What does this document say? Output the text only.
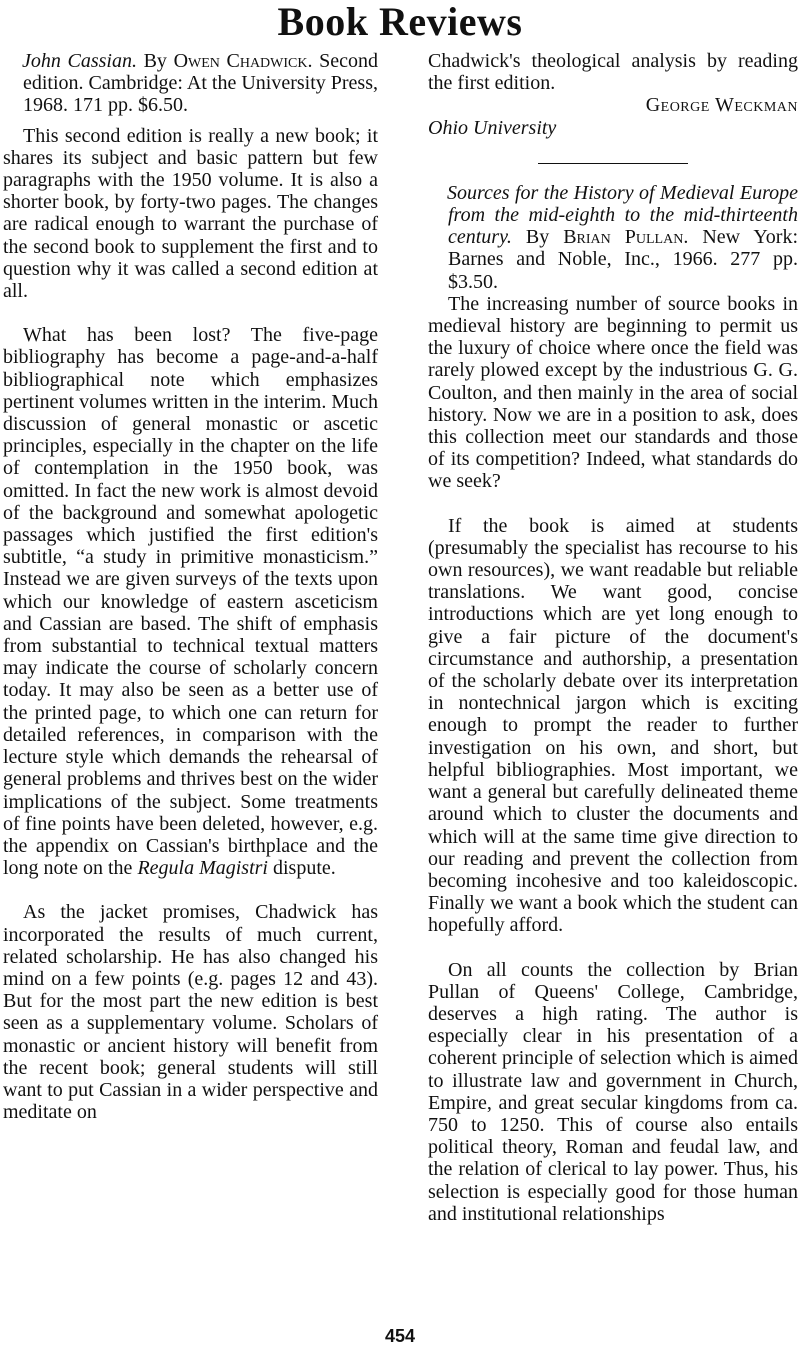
Book Reviews
John Cassian. By Owen Chadwick. Second edition. Cambridge: At the University Press, 1968. 171 pp. $6.50.

This second edition is really a new book; it shares its subject and basic pattern but few paragraphs with the 1950 volume. It is also a shorter book, by forty-two pages. The changes are radical enough to warrant the purchase of the second book to supplement the first and to question why it was called a second edition at all.

What has been lost? The five-page bibliography has become a page-and-a-half bibliographical note which emphasizes pertinent volumes written in the interim. Much discussion of general monastic or ascetic principles, especially in the chapter on the life of contemplation in the 1950 book, was omitted. In fact the new work is almost devoid of the background and somewhat apologetic passages which justified the first edition's subtitle, “a study in primitive monasticism.” Instead we are given surveys of the texts upon which our knowledge of eastern asceticism and Cassian are based. The shift of emphasis from substantial to technical textual matters may indicate the course of scholarly concern today. It may also be seen as a better use of the printed page, to which one can return for detailed references, in comparison with the lecture style which demands the rehearsal of general problems and thrives best on the wider implications of the subject. Some treatments of fine points have been deleted, however, e.g. the appendix on Cassian's birthplace and the long note on the Regula Magistri dispute.

As the jacket promises, Chadwick has incorporated the results of much current, related scholarship. He has also changed his mind on a few points (e.g. pages 12 and 43). But for the most part the new edition is best seen as a supplementary volume. Scholars of monastic or ancient history will benefit from the recent book; general students will still want to put Cassian in a wider perspective and meditate on

Chadwick's theological analysis by reading the first edition.

George Weckman
Ohio University
Sources for the History of Medieval Europe from the mid-eighth to the mid-thirteenth century. By Brian Pullan. New York: Barnes and Noble, Inc., 1966. 277 pp. $3.50.

The increasing number of source books in medieval history are beginning to permit us the luxury of choice where once the field was rarely plowed except by the industrious G. G. Coulton, and then mainly in the area of social history. Now we are in a position to ask, does this collection meet our standards and those of its competition? Indeed, what standards do we seek?

If the book is aimed at students (presumably the specialist has recourse to his own resources), we want readable but reliable translations. We want good, concise introductions which are yet long enough to give a fair picture of the document's circumstance and authorship, a presentation of the scholarly debate over its interpretation in nontechnical jargon which is exciting enough to prompt the reader to further investigation on his own, and short, but helpful bibliographies. Most important, we want a general but carefully delineated theme around which to cluster the documents and which will at the same time give direction to our reading and prevent the collection from becoming incohesive and too kaleidoscopic. Finally we want a book which the student can hopefully afford.

On all counts the collection by Brian Pullan of Queens' College, Cambridge, deserves a high rating. The author is especially clear in his presentation of a coherent principle of selection which is aimed to illustrate law and government in Church, Empire, and great secular kingdoms from ca. 750 to 1250. This of course also entails political theory, Roman and feudal law, and the relation of clerical to lay power. Thus, his selection is especially good for those human and institutional relationships

454
